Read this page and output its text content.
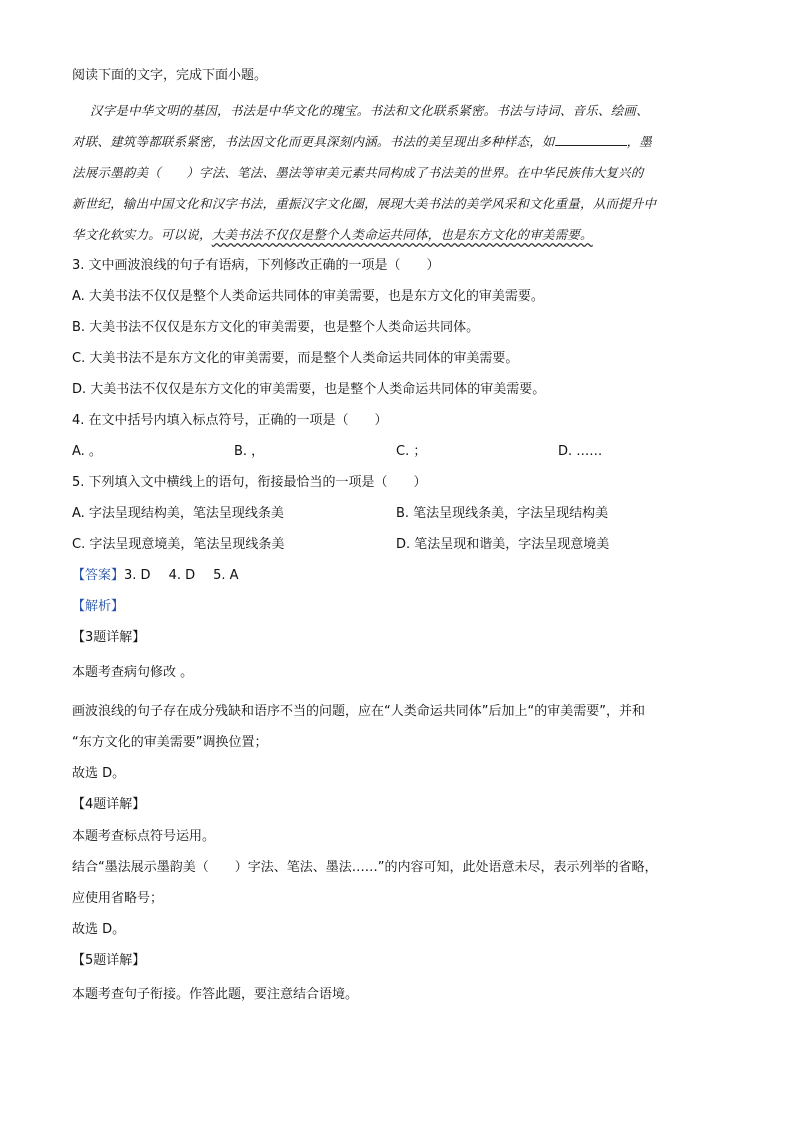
阅读下面的文字，完成下面小题。
汉字是中华文明的基因，书法是中华文化的瑰宝。书法和文化联系紧密。书法与诗词、音乐、绘画、
对联、建筑等都联系紧密，书法因文化而更具深刻内涵。书法的美呈现出多种样态，如	，墨
法展示墨韵美（　　）字法、笔法、墨法等审美元素共同构成了书法美的世界。在中华民族伟大复兴的
新世纪，输出中国文化和汉字书法，重振汉字文化圈，展现大美书法的美学风采和文化重量，从而提升中
华文化软实力。可以说，大美书法不仅仅是整个人类命运共同体，也是东方文化的审美需要。
3. 文中画波浪线的句子有语病，下列修改正确的一项是（　　）
A. 大美书法不仅仅是整个人类命运共同体的审美需要，也是东方文化的审美需要。
B. 大美书法不仅仅是东方文化的审美需要，也是整个人类命运共同体。
C. 大美书法不是东方文化的审美需要，而是整个人类命运共同体的审美需要。
D. 大美书法不仅仅是东方文化的审美需要，也是整个人类命运共同体的审美需要。
4. 在文中括号内填入标点符号，正确的一项是（　　）
A. 。	B. ，	C. ；	D. ……
5. 下列填入文中横线上的语句，衔接最恰当的一项是（　　）
A. 字法呈现结构美，笔法呈现线条美	B. 笔法呈现线条美，字法呈现结构美
C. 字法呈现意境美，笔法呈现线条美	D. 笔法呈现和谐美，字法呈现意境美
【答案】3. D 4. D 5. A
【解析】
【3题详解】
本题考查病句修改 。
画波浪线的句子存在成分残缺和语序不当的问题，应在“人类命运共同体”后加上“的审美需要”，并和
“东方文化的审美需要”调换位置；
故选 D。
【4题详解】
本题考查标点符号运用。
结合“墨法展示墨韵美（　　）字法、笔法、墨法……”的内容可知，此处语意未尽，表示列举的省略，
应使用省略号；
故选 D。
【5题详解】
本题考查句子衔接。作答此题，要注意结合语境。
